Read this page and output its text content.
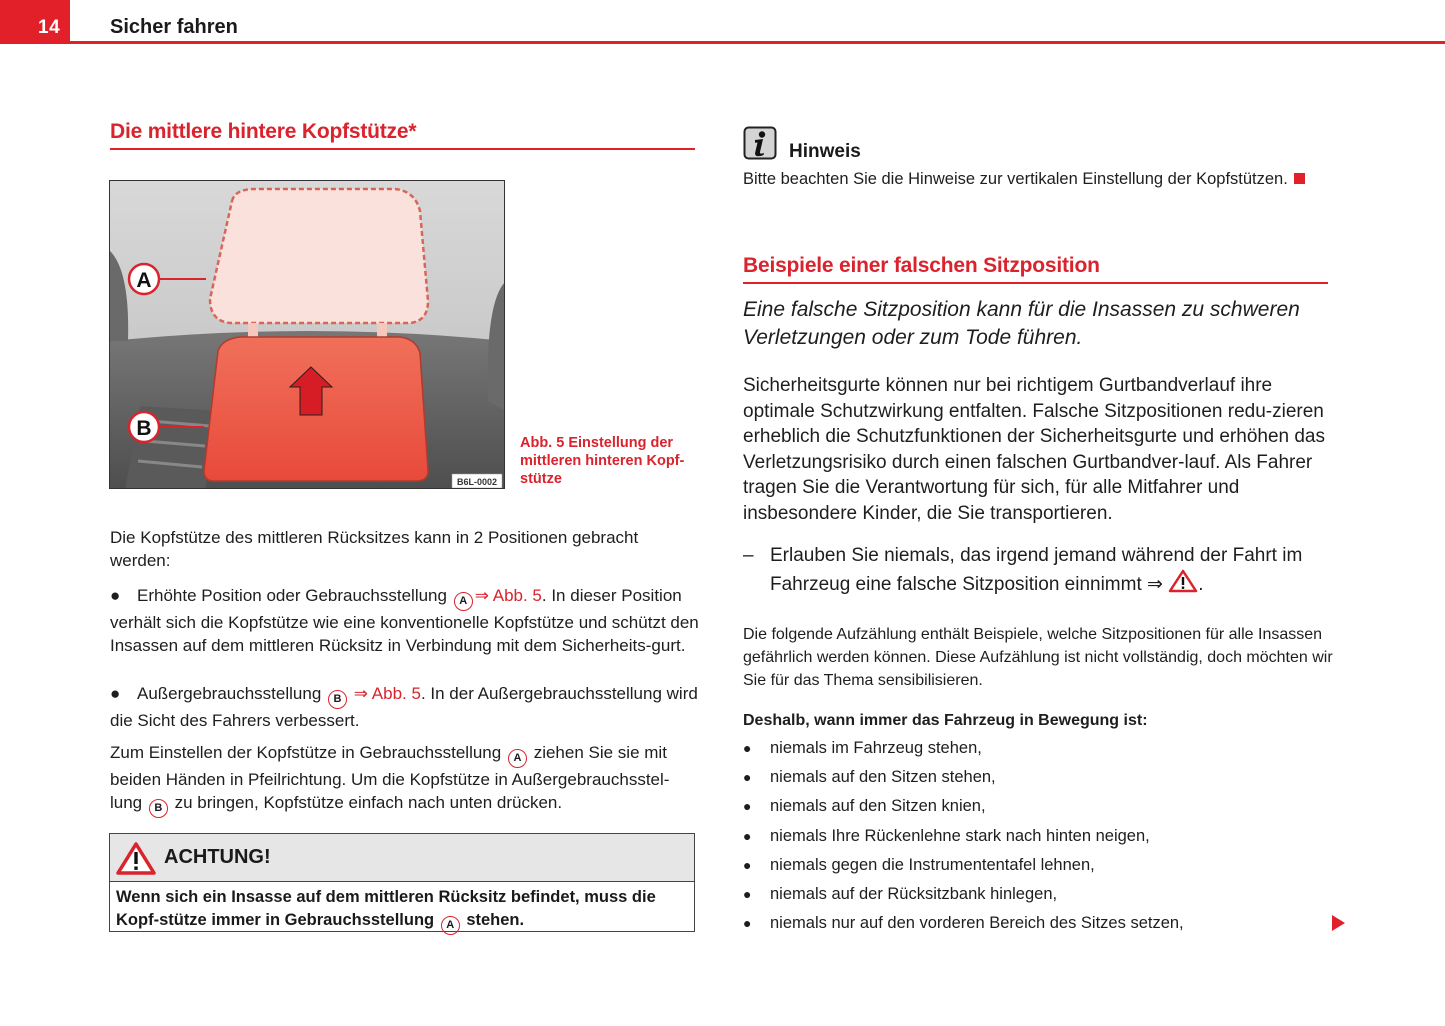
14 Sicher fahren
Die mittlere hintere Kopfstütze*
A
B
B6L-0002
Abb. 5 Einstellung der mittleren hinteren Kopf-stütze
Die Kopfstütze des mittleren Rücksitzes kann in 2 Positionen gebracht werden:
● Erhöhte Position oder Gebrauchsstellung A ⇒ Abb. 5. In dieser Position verhält sich die Kopfstütze wie eine konventionelle Kopfstütze und schützt den Insassen auf dem mittleren Rücksitz in Verbindung mit dem Sicherheits-gurt.
● Außergebrauchsstellung B ⇒ Abb. 5. In der Außergebrauchsstellung wird die Sicht des Fahrers verbessert.
Zum Einstellen der Kopfstütze in Gebrauchsstellung A ziehen Sie sie mit beiden Händen in Pfeilrichtung. Um die Kopfstütze in Außergebrauchsstel-lung B zu bringen, Kopfstütze einfach nach unten drücken.
ACHTUNG!
Wenn sich ein Insasse auf dem mittleren Rücksitz befindet, muss die Kopf-stütze immer in Gebrauchsstellung A stehen.
Hinweis
Bitte beachten Sie die Hinweise zur vertikalen Einstellung der Kopfstützen.
Beispiele einer falschen Sitzposition
Eine falsche Sitzposition kann für die Insassen zu schweren Verletzungen oder zum Tode führen.
Sicherheitsgurte können nur bei richtigem Gurtbandverlauf ihre optimale Schutzwirkung entfalten. Falsche Sitzpositionen redu-zieren erheblich die Schutzfunktionen der Sicherheitsgurte und erhöhen das Verletzungsrisiko durch einen falschen Gurtbandver-lauf. Als Fahrer tragen Sie die Verantwortung für sich, für alle Mitfahrer und insbesondere Kinder, die Sie transportieren.
– Erlauben Sie niemals, das irgend jemand während der Fahrt im Fahrzeug eine falsche Sitzposition einnimmt ⇒ .
Die folgende Aufzählung enthält Beispiele, welche Sitzpositionen für alle Insassen gefährlich werden können. Diese Aufzählung ist nicht vollständig, doch möchten wir Sie für das Thema sensibilisieren.
Deshalb, wann immer das Fahrzeug in Bewegung ist:
●	niemals im Fahrzeug stehen,
●	niemals auf den Sitzen stehen,
●	niemals auf den Sitzen knien,
●	niemals Ihre Rückenlehne stark nach hinten neigen,
●	niemals gegen die Instrumententafel lehnen,
●	niemals auf der Rücksitzbank hinlegen,
●	niemals nur auf den vorderen Bereich des Sitzes setzen,
